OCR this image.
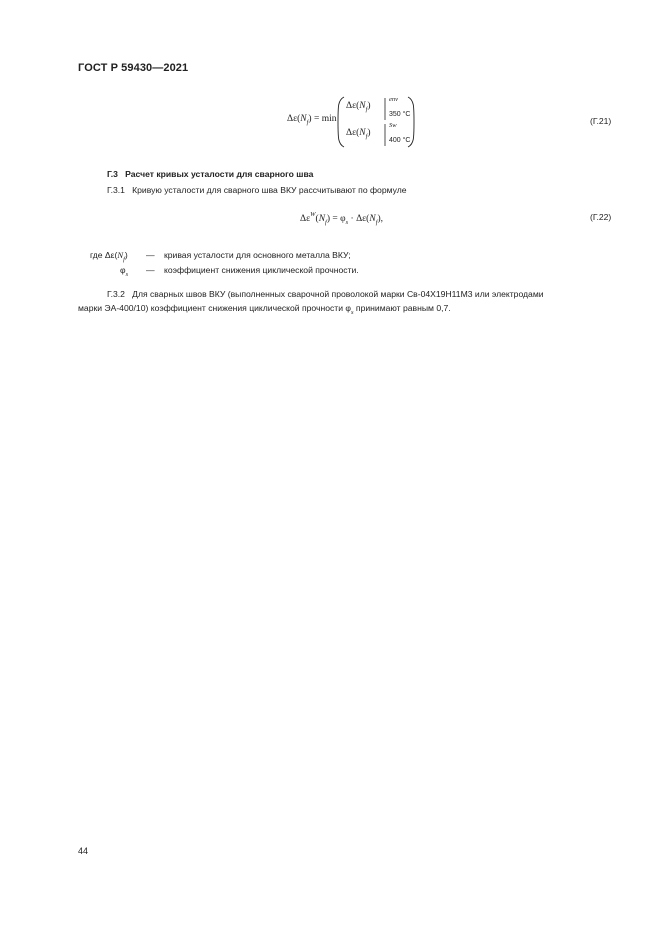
ГОСТ Р 59430—2021
$\Delta\varepsilon(N_f) = \min$
$\Delta\varepsilon(N_f)$
env
350 °C
$\Delta\varepsilon(N_f)$
Sw
400 °C
(Г.21)
Г.3 Расчет кривых усталости для сварного шва
Г.3.1 Кривую усталости для сварного шва ВКУ рассчитывают по формуле
$\Delta\varepsilon^W(N_f) = \varphi_s \cdot \Delta\varepsilon(N_f)$,	(Г.22)
где $\Delta\varepsilon(N_f)$ — кривая усталости для основного металла ВКУ;
$\varphi_s$ — коэффициент снижения циклической прочности.
Г.3.2 Для сварных швов ВКУ (выполненных сварочной проволокой марки Св-04Х19Н11М3 или электродами
марки ЭА-400/10) коэффициент снижения циклической прочности $\varphi_s$ принимают равным 0,7.
44
